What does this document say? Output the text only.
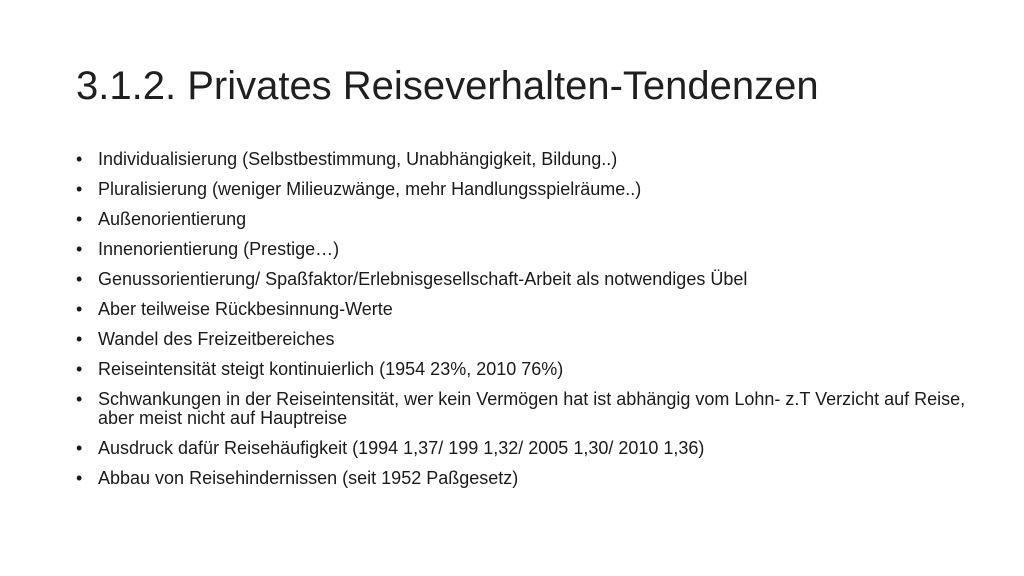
3.1.2. Privates Reiseverhalten-Tendenzen
• Individualisierung (Selbstbestimmung, Unabhängigkeit, Bildung..)
• Pluralisierung (weniger Milieuzwänge, mehr Handlungsspielräume..)
• Außenorientierung
• Innenorientierung (Prestige…)
• Genussorientierung/ Spaßfaktor/Erlebnisgesellschaft-Arbeit als notwendiges Übel
• Aber teilweise Rückbesinnung-Werte
• Wandel des Freizeitbereiches
• Reiseintensität steigt kontinuierlich (1954 23%, 2010 76%)
• Schwankungen in der Reiseintensität, wer kein Vermögen hat ist abhängig vom Lohn- z.T Verzicht auf Reise, aber meist nicht auf Hauptreise
• Ausdruck dafür Reisehäufigkeit (1994 1,37/ 199 1,32/ 2005 1,30/ 2010 1,36)
• Abbau von Reisehindernissen (seit 1952 Paßgesetz)
